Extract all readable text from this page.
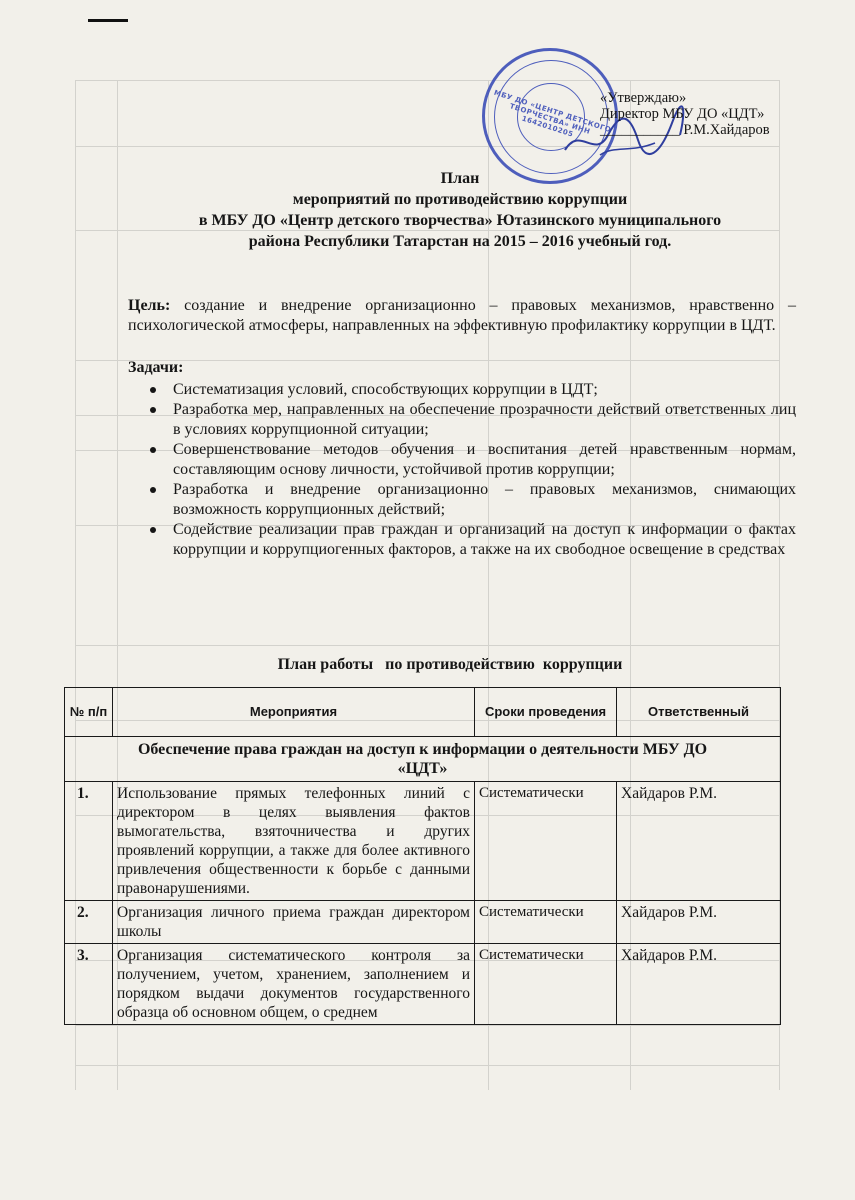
МБУ ДО «ЦЕНТР ДЕТСКОГО ТВОРЧЕСТВА» ИНН 1642010205
«Утверждаю»
Директор МБУ ДО «ЦДТ»
___________ Р.М.Хайдаров
План
мероприятий по противодействию коррупции
в МБУ ДО «Центр детского творчества» Ютазинского муниципального
района Республики Татарстан на 2015 – 2016 учебный год.
Цель: создание и внедрение организационно – правовых механизмов, нравственно – психологической атмосферы, направленных на эффективную профилактику коррупции в ЦДТ.
Задачи:
Систематизация условий, способствующих коррупции в ЦДТ;
Разработка мер, направленных на обеспечение прозрачности действий ответственных лиц в условиях коррупционной ситуации;
Совершенствование методов обучения и воспитания детей нравственным нормам, составляющим основу личности, устойчивой против коррупции;
Разработка и внедрение организационно – правовых механизмов, снимающих возможность коррупционных действий;
Содействие реализации прав граждан и организаций на доступ к информации о фактах коррупции и коррупциогенных факторов, а также на их свободное освещение в средствах
План работы   по противодействию  коррупции
№ п/п	Мероприятия	Сроки проведения	Ответственный
Обеспечение права граждан на доступ к информации о деятельности МБУ ДО «ЦДТ»			
1.	Использование прямых телефонных линий с директором в целях выявления фактов вымогательства, взяточничества и других проявлений коррупции, а также для более активного привлечения общественности к борьбе с данными правонарушениями.	Систематически	Хайдаров Р.М.
2.	Организация личного приема граждан директором школы	Систематически	Хайдаров Р.М.
3.	Организация систематического контроля за получением, учетом, хранением, заполнением и порядком выдачи документов государственного образца об основном общем, о среднем	Систематически	Хайдаров Р.М.
